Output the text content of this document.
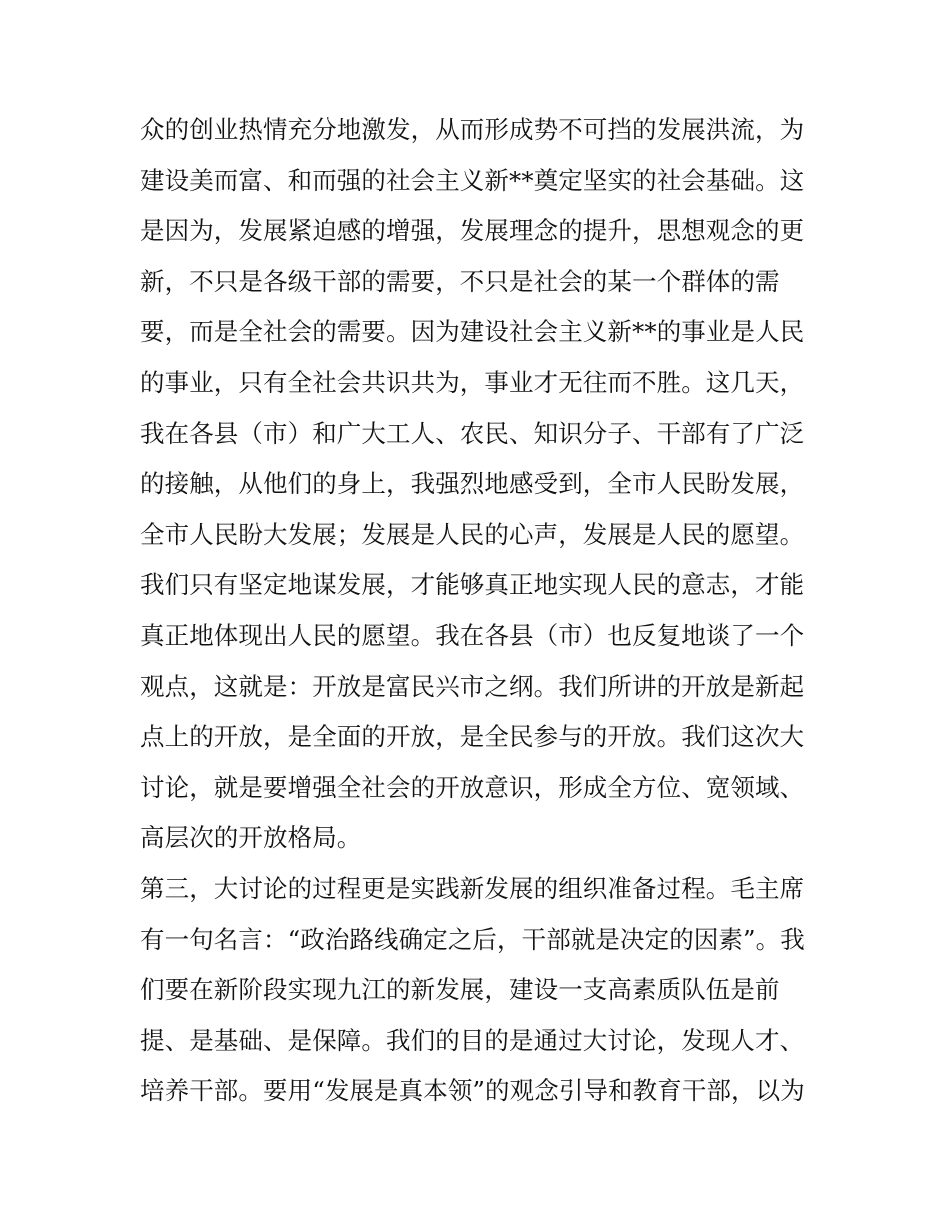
众的创业热情充分地激发，从而形成势不可挡的发展洪流，为
建设美而富、和而强的社会主义新**奠定坚实的社会基础。这
是因为，发展紧迫感的增强，发展理念的提升，思想观念的更
新，不只是各级干部的需要，不只是社会的某一个群体的需
要，而是全社会的需要。因为建设社会主义新**的事业是人民
的事业，只有全社会共识共为，事业才无往而不胜。这几天，
我在各县（市）和广大工人、农民、知识分子、干部有了广泛
的接触，从他们的身上，我强烈地感受到，全市人民盼发展，
全市人民盼大发展；发展是人民的心声，发展是人民的愿望。
我们只有坚定地谋发展，才能够真正地实现人民的意志，才能
真正地体现出人民的愿望。我在各县（市）也反复地谈了一个
观点，这就是：开放是富民兴市之纲。我们所讲的开放是新起
点上的开放，是全面的开放，是全民参与的开放。我们这次大
讨论，就是要增强全社会的开放意识，形成全方位、宽领域、
高层次的开放格局。
第三，大讨论的过程更是实践新发展的组织准备过程。毛主席
有一句名言：“政治路线确定之后，干部就是决定的因素”。我
们要在新阶段实现九江的新发展，建设一支高素质队伍是前
提、是基础、是保障。我们的目的是通过大讨论，发现人才、
培养干部。要用“发展是真本领”的观念引导和教育干部，以为
